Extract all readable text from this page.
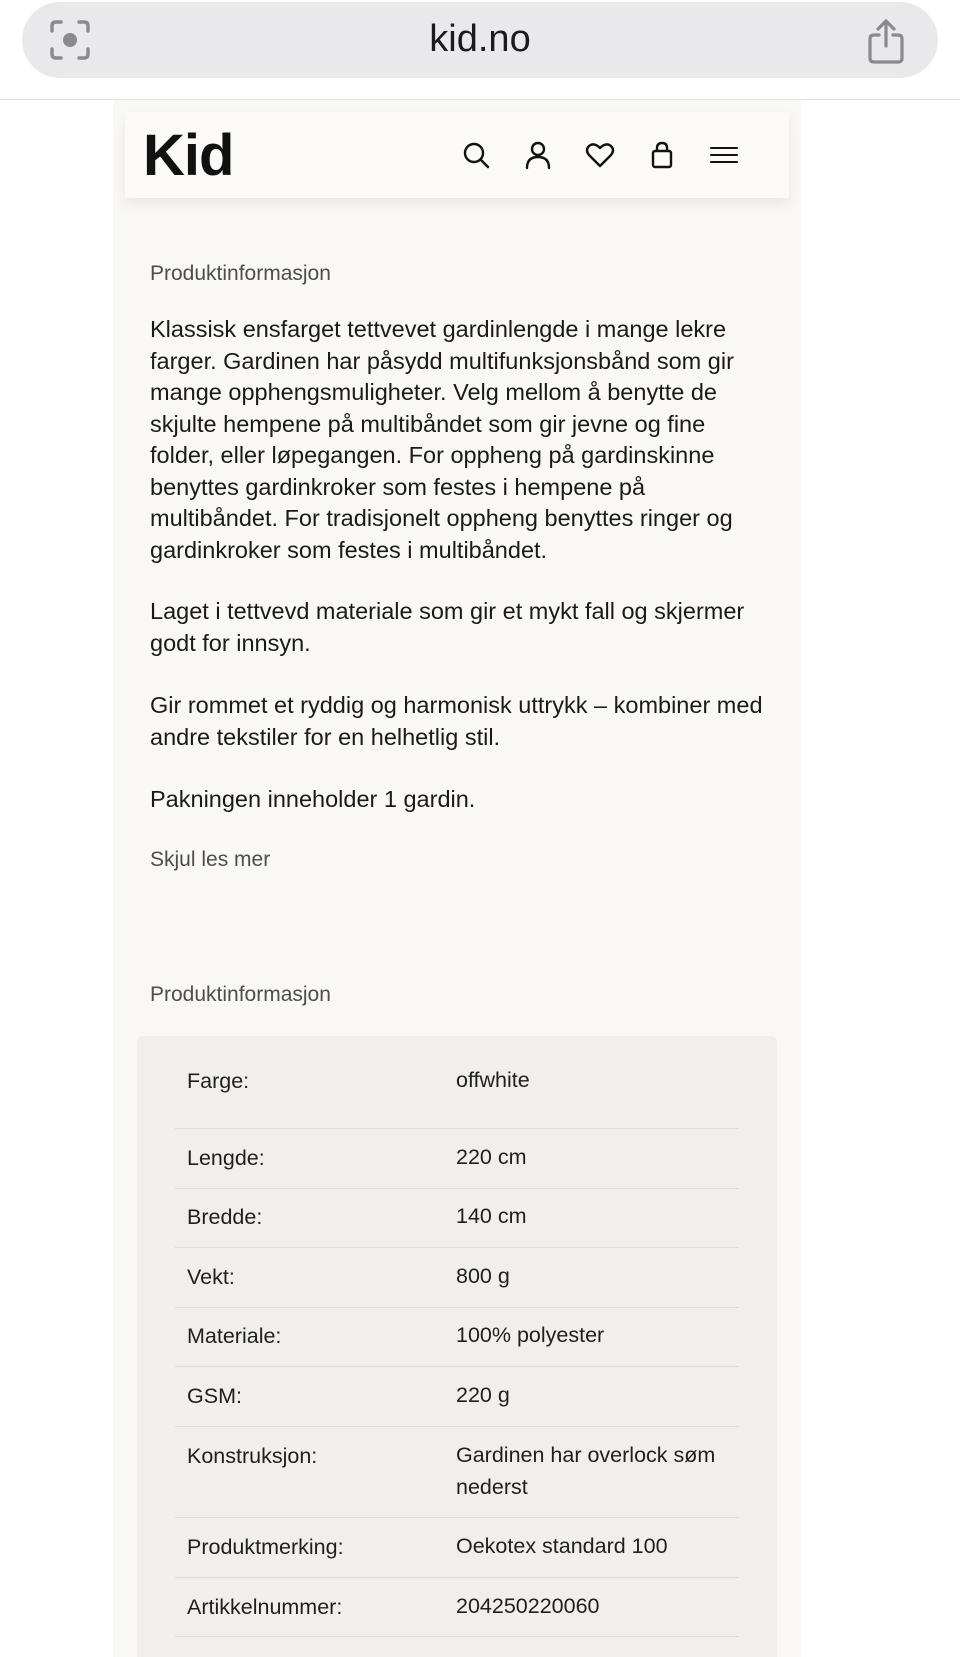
kid.no
Kid
Produktinformasjon

Klassisk ensfarget tettvevet gardinlengde i mange lekre farger. Gardinen har påsydd multifunksjonsbånd som gir mange opphengsmuligheter. Velg mellom å benytte de skjulte hempene på multibåndet som gir jevne og fine folder, eller løpegangen. For oppheng på gardinskinne benyttes gardinkroker som festes i hempene på multibåndet. For tradisjonelt oppheng benyttes ringer og gardinkroker som festes i multibåndet.

Laget i tettvevd materiale som gir et mykt fall og skjermer godt for innsyn.

Gir rommet et ryddig og harmonisk uttrykk – kombiner med andre tekstiler for en helhetlig stil.

Pakningen inneholder 1 gardin.

Skjul les mer
Produktinformasjon
Farge:	offwhite
Lengde:	220 cm
Bredde:	140 cm
Vekt:	800 g
Materiale:	100% polyester
GSM:	220 g
Konstruksjon:	Gardinen har overlock søm nederst
Produktmerking:	Oekotex standard 100
Artikkelnummer:	204250220060
